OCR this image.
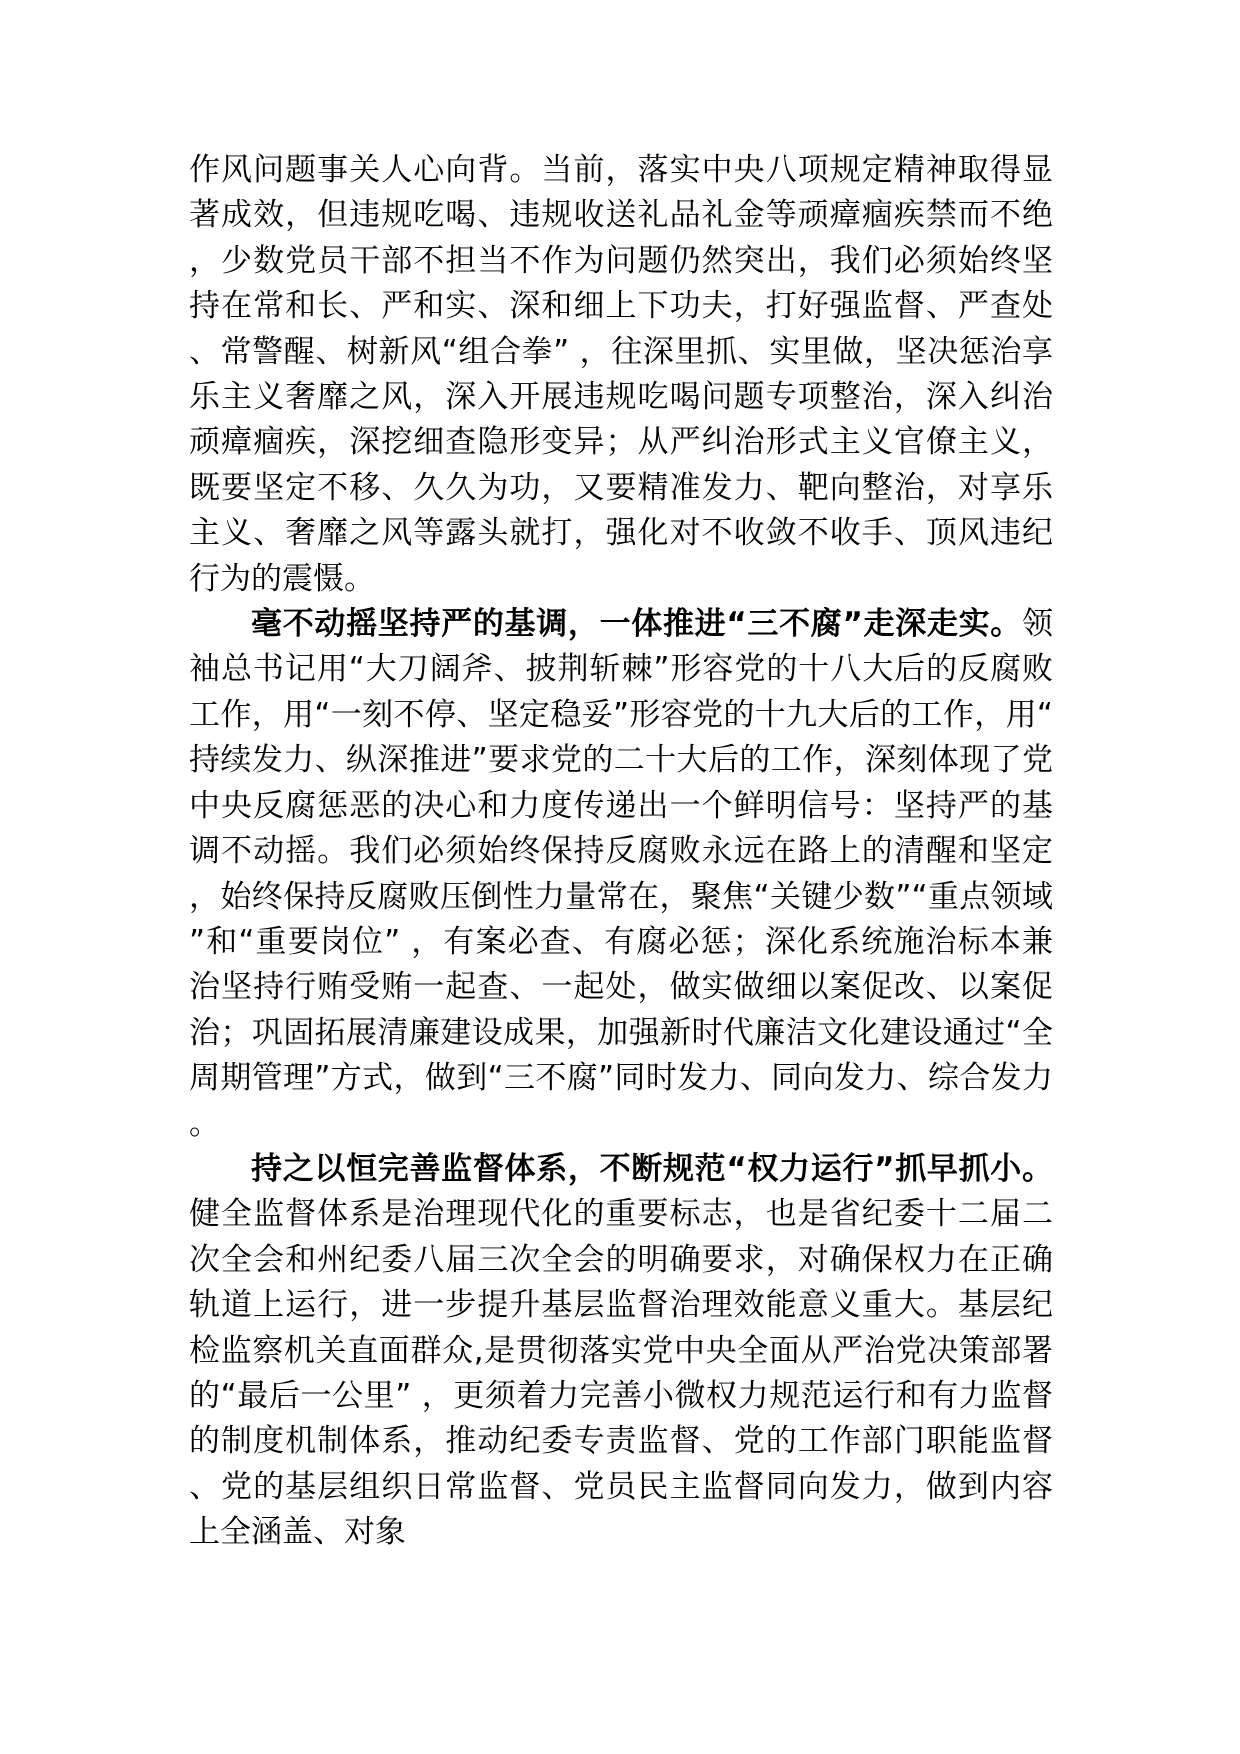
作风问题事关人心向背。当前，落实中央八项规定精神取得显著成效，但违规吃喝、违规收送礼品礼金等顽瘴痼疾禁而不绝，少数党员干部不担当不作为问题仍然突出，我们必须始终坚持在常和长、严和实、深和细上下功夫，打好强监督、严查处、常警醒、树新风“组合拳” ，往深里抓、实里做，坚决惩治享乐主义奢靡之风，深入开展违规吃喝问题专项整治，深入纠治顽瘴痼疾，深挖细查隐形变异；从严纠治形式主义官僚主义，既要坚定不移、久久为功，又要精准发力、靶向整治，对享乐主义、奢靡之风等露头就打，强化对不收敛不收手、顶风违纪行为的震慑。

毫不动摇坚持严的基调，一体推进“三不腐”走深走实。领袖总书记用“大刀阔斧、披荆斩棘”形容党的十八大后的反腐败工作，用“一刻不停、坚定稳妥”形容党的十九大后的工作，用“持续发力、纵深推进”要求党的二十大后的工作，深刻体现了党中央反腐惩恶的决心和力度传递出一个鲜明信号：坚持严的基调不动摇。我们必须始终保持反腐败永远在路上的清醒和坚定，始终保持反腐败压倒性力量常在，聚焦“关键少数”“重点领域”和“重要岗位” ，有案必查、有腐必惩；深化系统施治标本兼治坚持行贿受贿一起查、一起处，做实做细以案促改、以案促治；巩固拓展清廉建设成果，加强新时代廉洁文化建设通过“全周期管理”方式，做到“三不腐”同时发力、同向发力、综合发力。

持之以恒完善监督体系，不断规范“权力运行”抓早抓小。健全监督体系是治理现代化的重要标志，也是省纪委十二届二次全会和州纪委八届三次全会的明确要求，对确保权力在正确轨道上运行，进一步提升基层监督治理效能意义重大。基层纪检监察机关直面群众,是贯彻落实党中央全面从严治党决策部署的“最后一公里” ，更须着力完善小微权力规范运行和有力监督的制度机制体系，推动纪委专责监督、党的工作部门职能监督、党的基层组织日常监督、党员民主监督同向发力，做到内容上全涵盖、对象
